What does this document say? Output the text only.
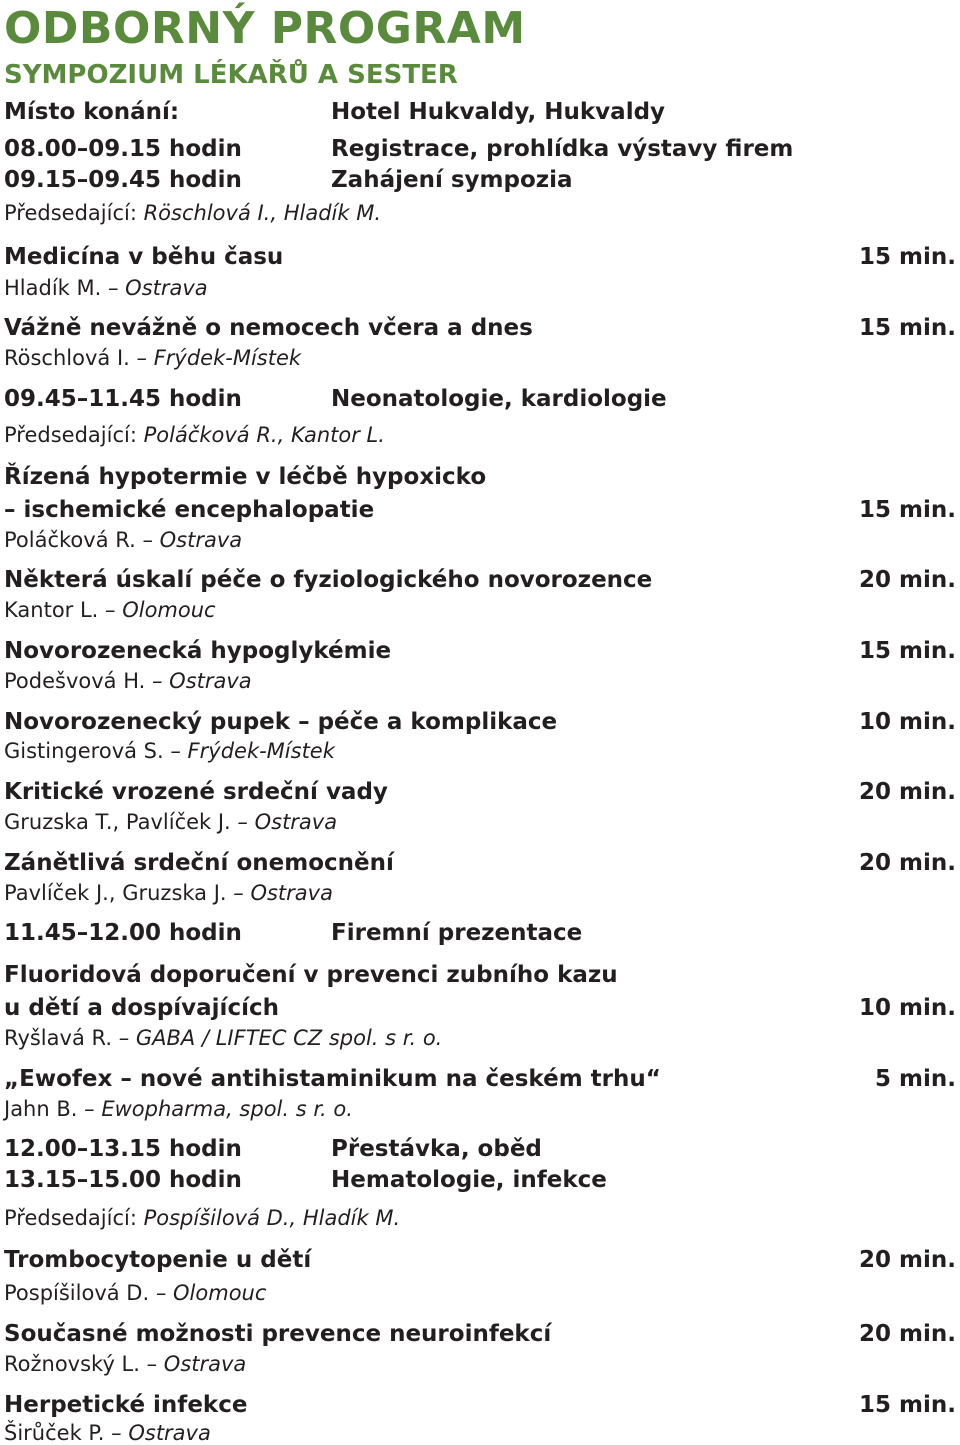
ODBORNÝ PROGRAM
SYMPOZIUM LÉKAŘŮ A SESTER
Místo konání:	Hotel Hukvaldy, Hukvaldy
08.00–09.15 hodin	Registrace, prohlídka výstavy firem
09.15–09.45 hodin	Zahájení sympozia
Předsedající: Röschlová I., Hladík M.
Medicína v běhu času	15 min.
Hladík M. – Ostrava
Vážně nevážně o nemocech včera a dnes	15 min.
Röschlová I. – Frýdek-Místek
09.45–11.45 hodin	Neonatologie, kardiologie
Předsedající: Poláčková R., Kantor L.
Řízená hypotermie v léčbě hypoxicko
– ischemické encephalopatie	15 min.
Poláčková R. – Ostrava
Některá úskalí péče o fyziologického novorozence	20 min.
Kantor L. – Olomouc
Novorozenecká hypoglykémie	15 min.
Podešvová H. – Ostrava
Novorozenecký pupek – péče a komplikace	10 min.
Gistingerová S. – Frýdek-Místek
Kritické vrozené srdeční vady	20 min.
Gruzska T., Pavlíček J. – Ostrava
Zánětlivá srdeční onemocnění	20 min.
Pavlíček J., Gruzska J. – Ostrava
11.45–12.00 hodin	Firemní prezentace
Fluoridová doporučení v prevenci zubního kazu
u dětí a dospívajících	10 min.
Ryšlavá R. – GABA / LIFTEC CZ spol. s r. o.
„Ewofex – nové antihistaminikum na českém trhu“	5 min.
Jahn B. – Ewopharma, spol. s r. o.
12.00–13.15 hodin	Přestávka, oběd
13.15–15.00 hodin	Hematologie, infekce
Předsedající: Pospíšilová D., Hladík M.
Trombocytopenie u dětí	20 min.
Pospíšilová D. – Olomouc
Současné možnosti prevence neuroinfekcí	20 min.
Rožnovský L. – Ostrava
Herpetické infekce	15 min.
Širůček P. – Ostrava
